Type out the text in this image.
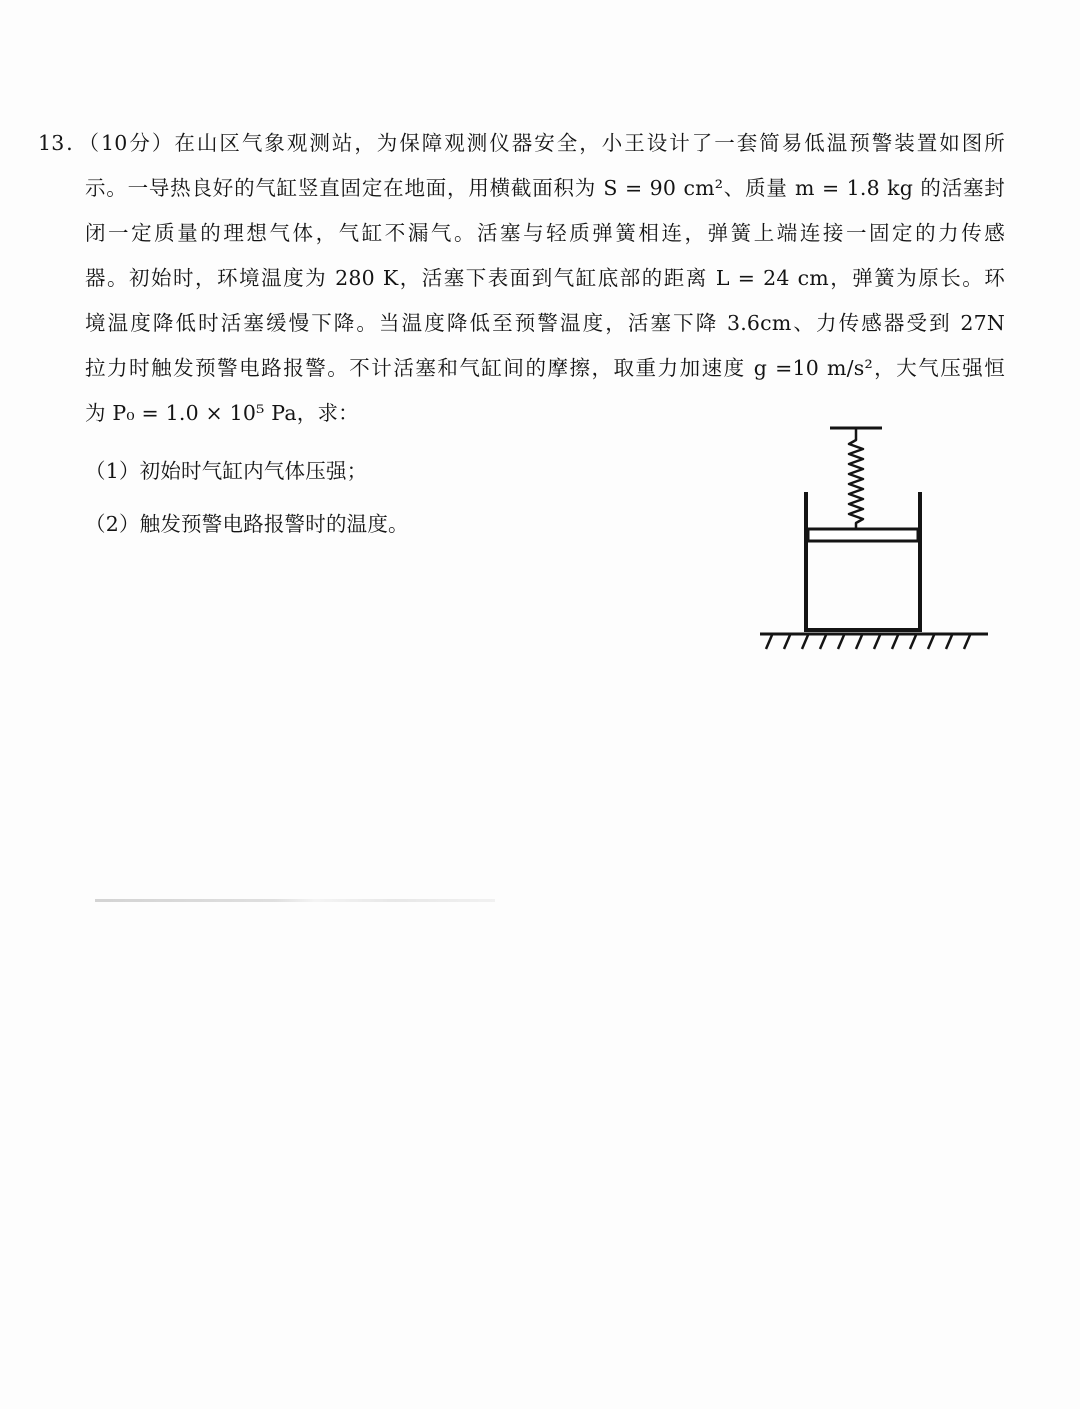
13．（10分）在山区气象观测站，为保障观测仪器安全，小王设计了一套简易低温预警装置如图所
示。一导热良好的气缸竖直固定在地面，用横截面积为 S = 90 cm²、质量 m = 1.8 kg 的活塞封
闭一定质量的理想气体，气缸不漏气。活塞与轻质弹簧相连，弹簧上端连接一固定的力传感
器。初始时，环境温度为 280 K，活塞下表面到气缸底部的距离 L = 24 cm，弹簧为原长。环
境温度降低时活塞缓慢下降。当温度降低至预警温度，活塞下降 3.6cm、力传感器受到 27N
拉力时触发预警电路报警。不计活塞和气缸间的摩擦，取重力加速度 g =10 m/s²，大气压强恒
为 P₀ = 1.0 × 10⁵ Pa，求：
（1）初始时气缸内气体压强；
（2）触发预警电路报警时的温度。
